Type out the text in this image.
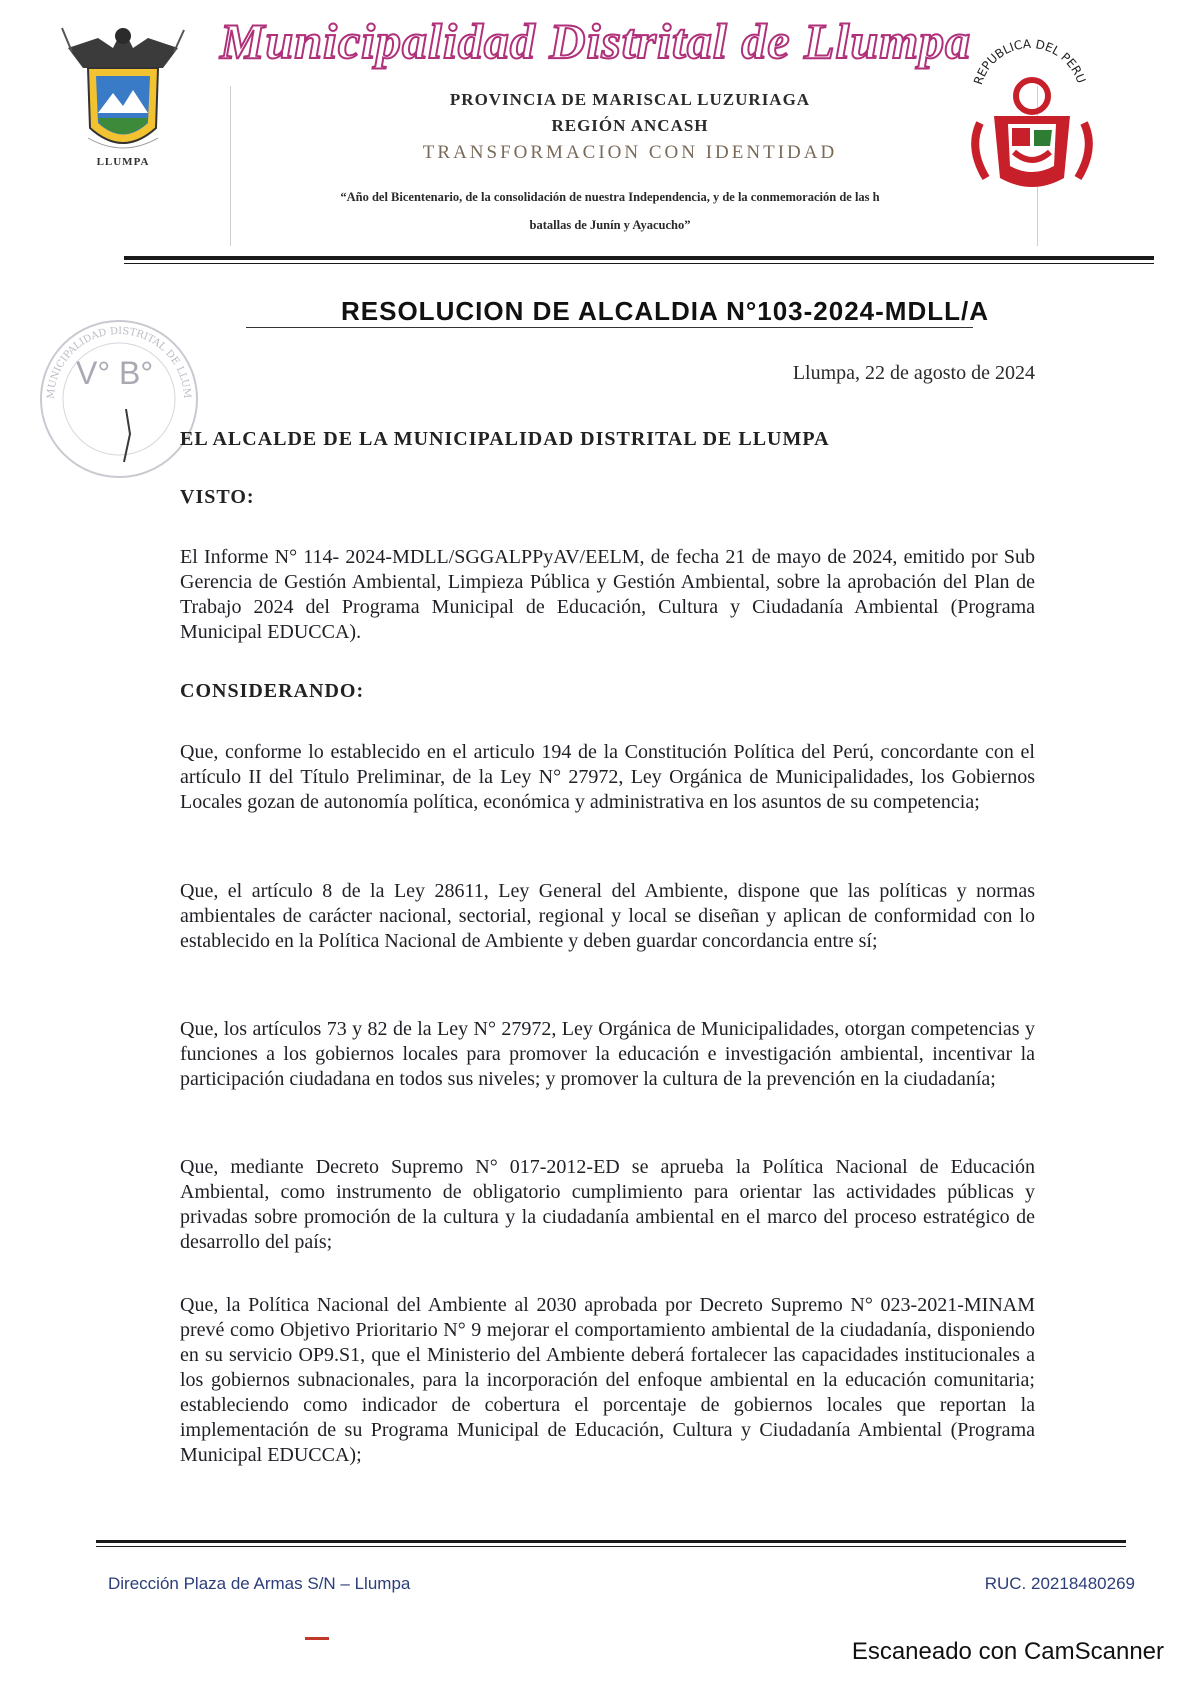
LLUMPA
Municipalidad Distrital de Llumpa
PROVINCIA DE MARISCAL LUZURIAGA
REGIÓN ANCASH
TRANSFORMACION CON IDENTIDAD
“Año del Bicentenario, de la consolidación de nuestra Independencia, y de la conmemoración de las h
batallas de Junín y Ayacucho”
REPUBLICA DEL PERU
RESOLUCION DE ALCALDIA N°103-2024-MDLL/A
MUNICIPALIDAD DISTRITAL DE LLUM
V° B°	Llumpa, 22 de agosto de 2024
EL ALCALDE DE LA MUNICIPALIDAD DISTRITAL DE LLUMPA
VISTO:
El Informe N° 114- 2024-MDLL/SGGALPPyAV/EELM, de fecha 21 de mayo de 2024, emitido por Sub Gerencia de Gestión Ambiental, Limpieza Pública y Gestión Ambiental, sobre la aprobación del Plan de Trabajo 2024 del Programa Municipal de Educación, Cultura y Ciudadanía Ambiental (Programa Municipal EDUCCA).
CONSIDERANDO:
Que, conforme lo establecido en el articulo 194 de la Constitución Política del Perú, concordante con el artículo II del Título Preliminar, de la Ley N° 27972, Ley Orgánica de Municipalidades, los Gobiernos Locales gozan de autonomía política, económica y administrativa en los asuntos de su competencia;
Que, el artículo 8 de la Ley 28611, Ley General del Ambiente, dispone que las políticas y normas ambientales de carácter nacional, sectorial, regional y local se diseñan y aplican de conformidad con lo establecido en la Política Nacional de Ambiente y deben guardar concordancia entre sí;
Que, los artículos 73 y 82 de la Ley N° 27972, Ley Orgánica de Municipalidades, otorgan competencias y funciones a los gobiernos locales para promover la educación e investigación ambiental, incentivar la participación ciudadana en todos sus niveles; y promover la cultura de la prevención en la ciudadanía;
Que, mediante Decreto Supremo N° 017-2012-ED se aprueba la Política Nacional de Educación Ambiental, como instrumento de obligatorio cumplimiento para orientar las actividades públicas y privadas sobre promoción de la cultura y la ciudadanía ambiental en el marco del proceso estratégico de desarrollo del país;
Que, la Política Nacional del Ambiente al 2030 aprobada por Decreto Supremo N° 023-2021-MINAM prevé como Objetivo Prioritario N° 9 mejorar el comportamiento ambiental de la ciudadanía, disponiendo en su servicio OP9.S1, que el Ministerio del Ambiente deberá fortalecer las capacidades institucionales a los gobiernos subnacionales, para la incorporación del enfoque ambiental en la educación comunitaria; estableciendo como indicador de cobertura el porcentaje de gobiernos locales que reportan la implementación de su Programa Municipal de Educación, Cultura y Ciudadanía Ambiental (Programa Municipal EDUCCA);
Dirección Plaza de Armas S/N – Llumpa	RUC. 20218480269
Escaneado con CamScanner
